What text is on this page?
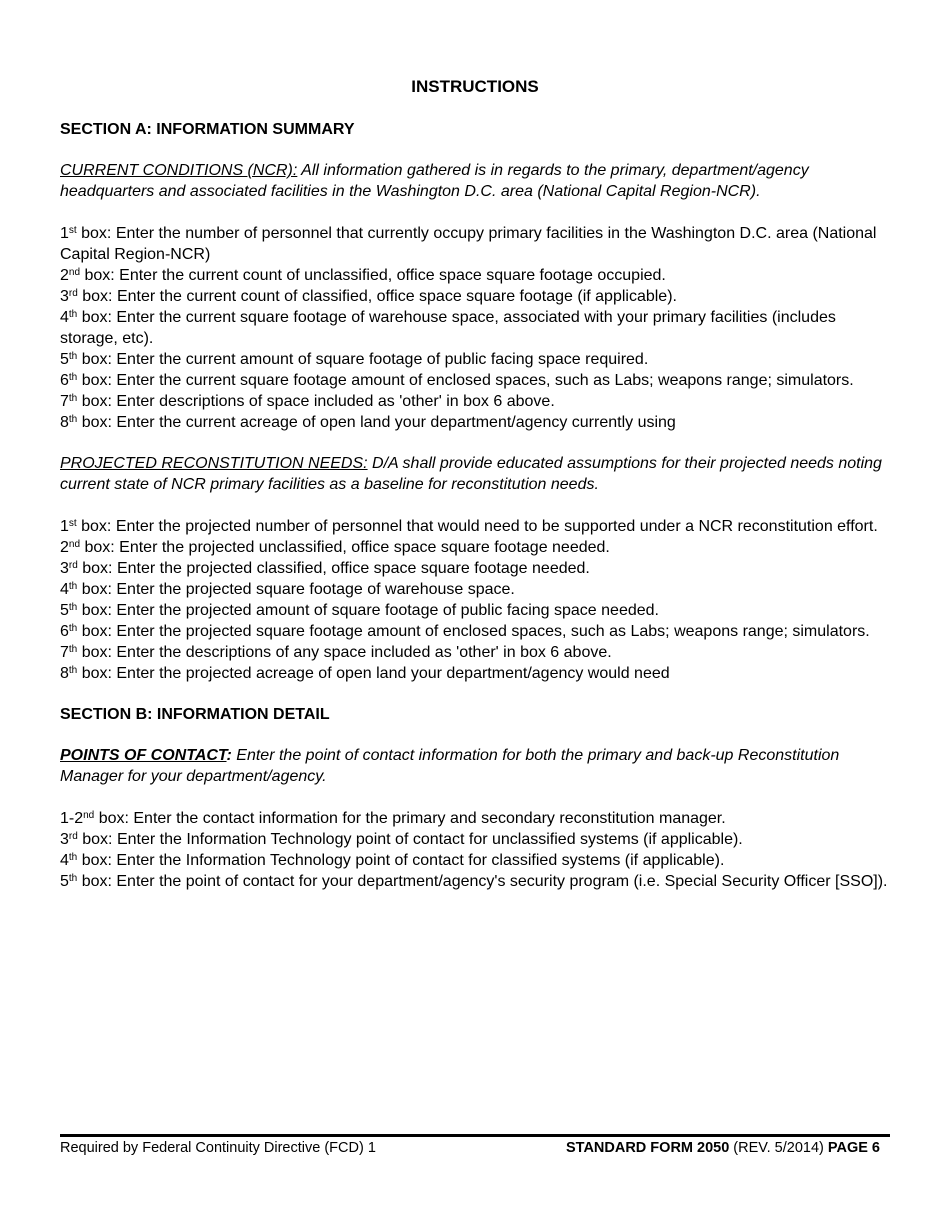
INSTRUCTIONS
SECTION A: INFORMATION SUMMARY

CURRENT CONDITIONS (NCR): All information gathered is in regards to the primary, department/agency headquarters and associated facilities in the Washington D.C. area (National Capital Region-NCR).

1st box: Enter the number of personnel that currently occupy primary facilities in the Washington D.C. area (National Capital Region-NCR)
2nd box: Enter the current count of unclassified, office space square footage occupied.
3rd box: Enter the current count of classified, office space square footage (if applicable).
4th box: Enter the current square footage of warehouse space, associated with your primary facilities (includes storage, etc).
5th box: Enter the current amount of square footage of public facing space required.
6th box: Enter the current square footage amount of enclosed spaces, such as Labs; weapons range; simulators.
7th box: Enter descriptions of space included as 'other' in box 6 above.
8th box: Enter the current acreage of open land your department/agency currently using

PROJECTED RECONSTITUTION NEEDS: D/A shall provide educated assumptions for their projected needs noting current state of NCR primary facilities as a baseline for reconstitution needs.

1st box: Enter the projected number of personnel that would need to be supported under a NCR reconstitution effort.
2nd box: Enter the projected unclassified, office space square footage needed.
3rd box: Enter the projected classified, office space square footage needed.
4th box: Enter the projected square footage of warehouse space.
5th box: Enter the projected amount of square footage of public facing space needed.
6th box: Enter the projected square footage amount of enclosed spaces, such as Labs; weapons range; simulators.
7th box: Enter the descriptions of any space included as 'other' in box 6 above.
8th box: Enter the projected acreage of open land your department/agency would need
SECTION B: INFORMATION DETAIL

POINTS OF CONTACT: Enter the point of contact information for both the primary and back-up Reconstitution Manager for your department/agency.

1-2nd box: Enter the contact information for the primary and secondary reconstitution manager.
3rd box: Enter the Information Technology point of contact for unclassified systems (if applicable).
4th box: Enter the Information Technology point of contact for classified systems (if applicable).
5th box: Enter the point of contact for your department/agency's security program (i.e. Special Security Officer [SSO]).
Required by Federal Continuity Directive (FCD) 1	STANDARD FORM 2050 (REV. 5/2014) PAGE 6
